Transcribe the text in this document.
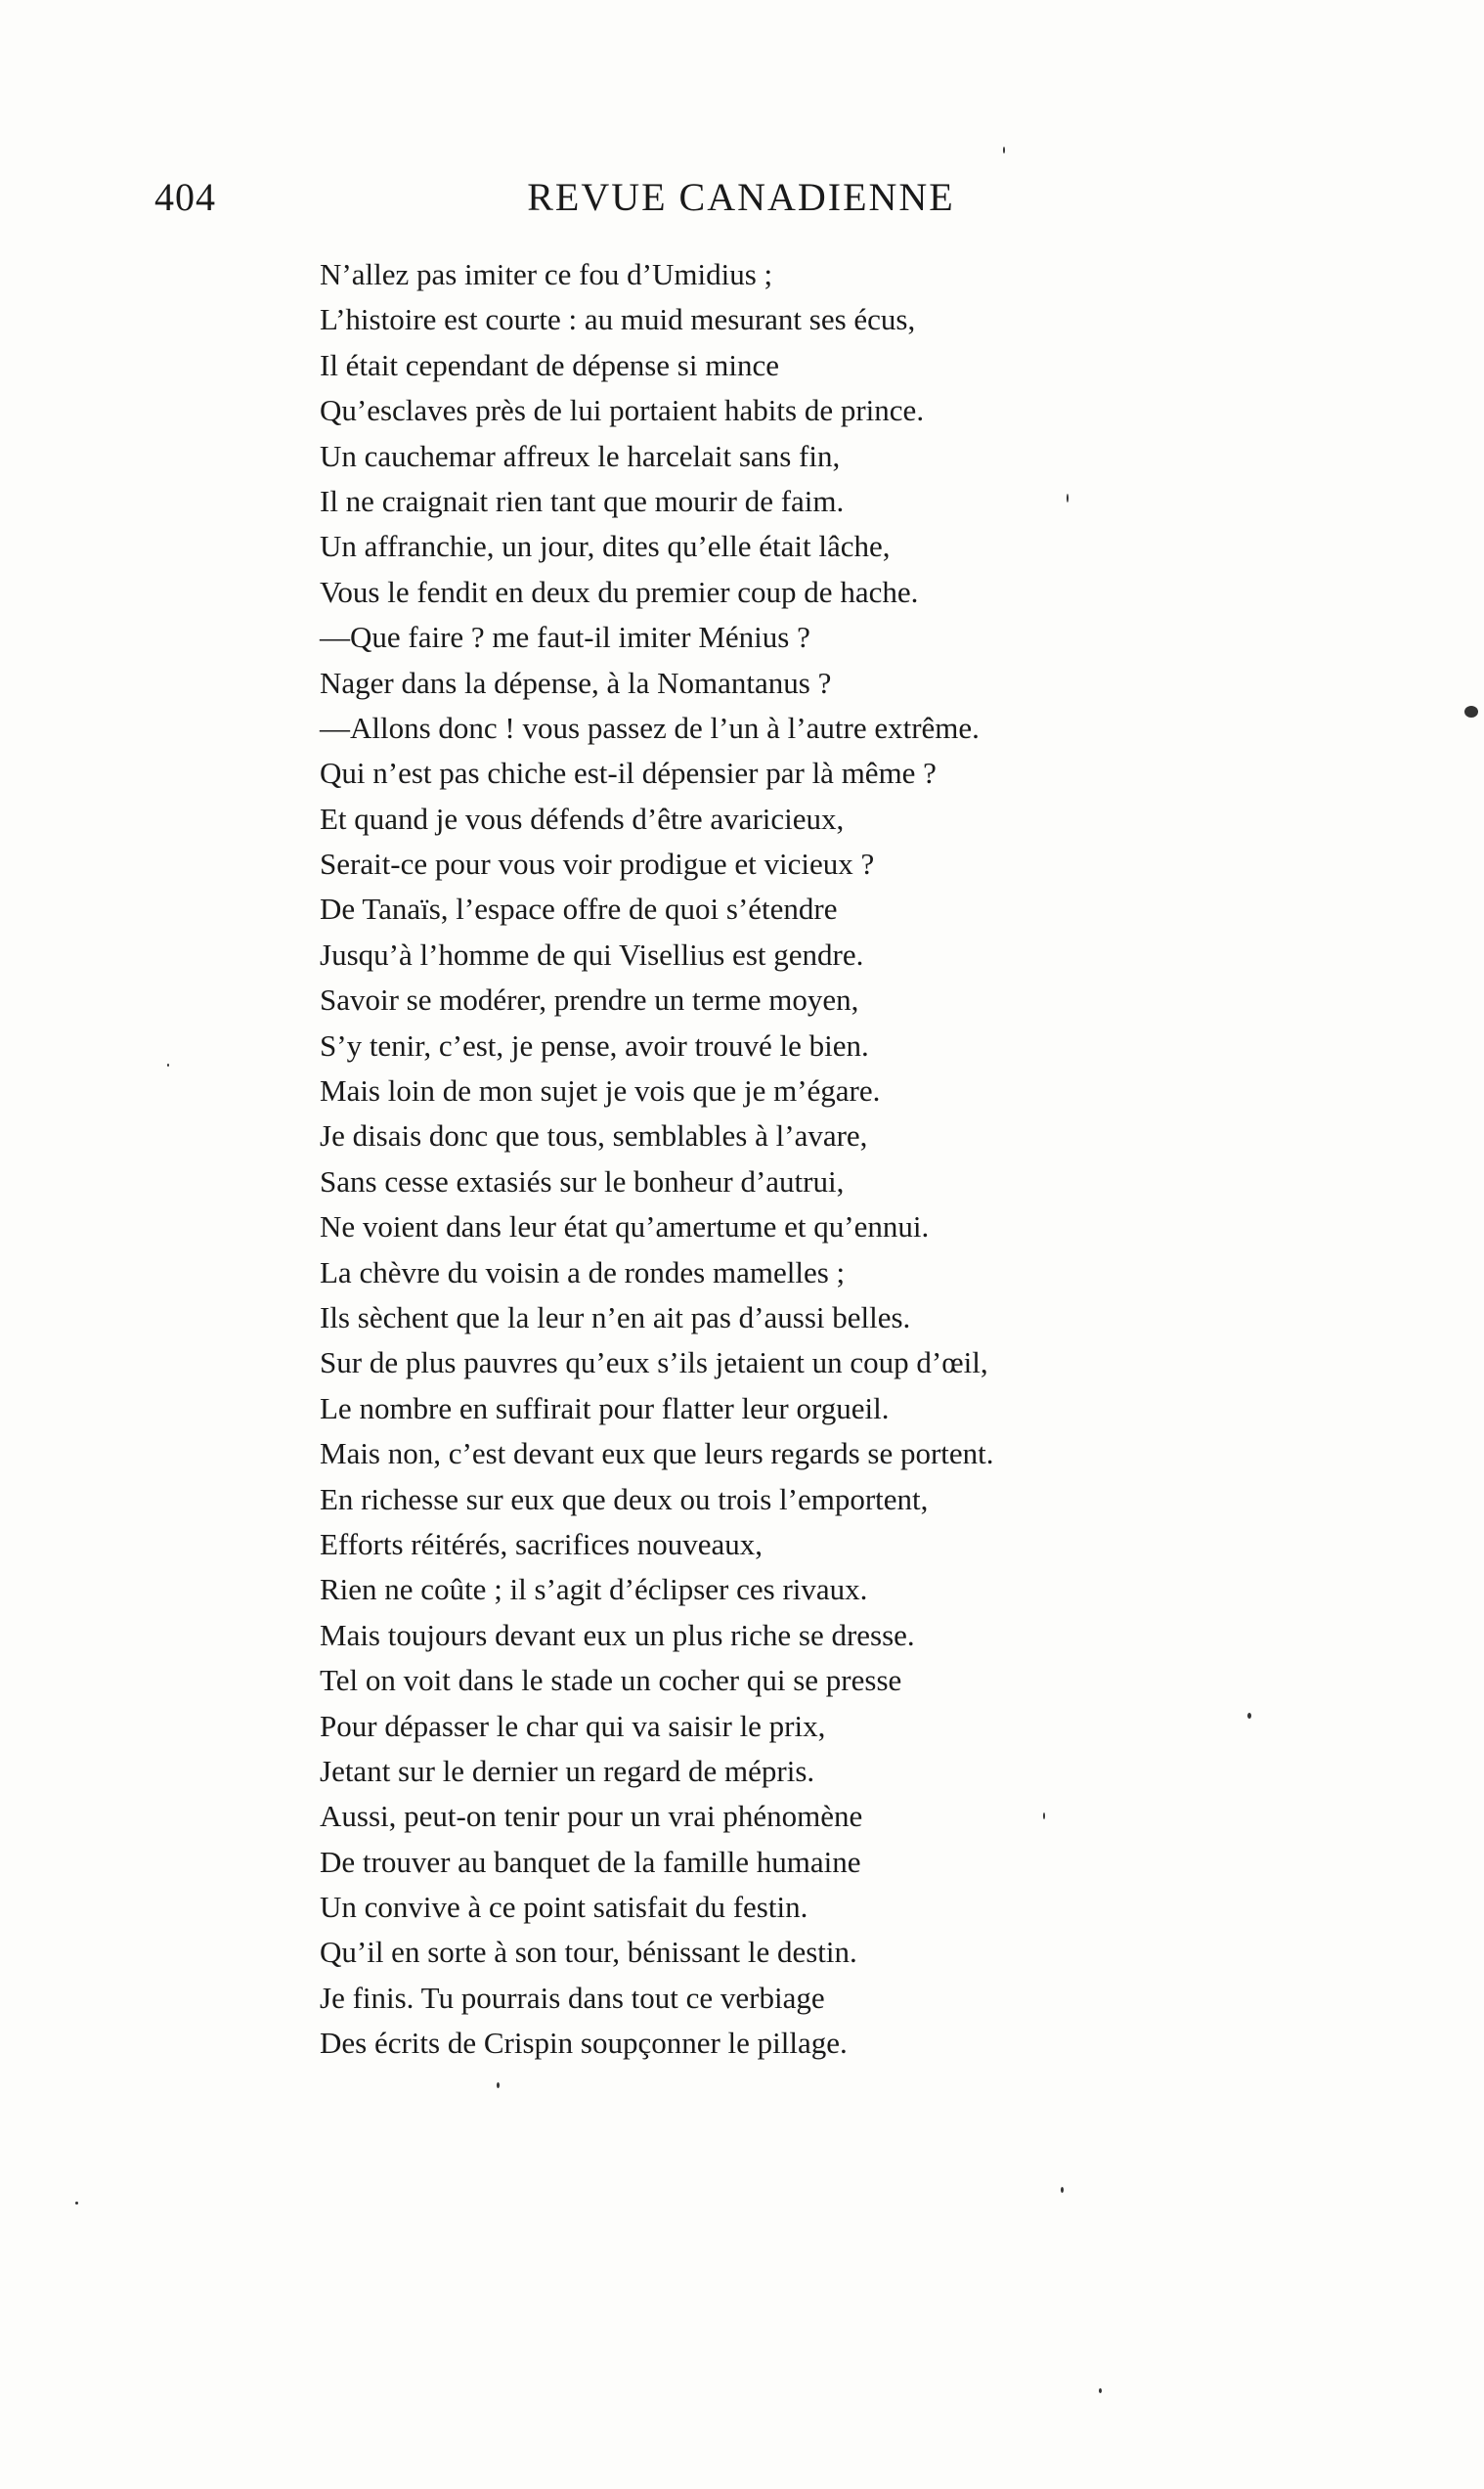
404	REVUE CANADIENNE
N’allez pas imiter ce fou d’Umidius ;
L’histoire est courte : au muid mesurant ses écus,
Il était cependant de dépense si mince
Qu’esclaves près de lui portaient habits de prince.
Un cauchemar affreux le harcelait sans fin,
Il ne craignait rien tant que mourir de faim.
Un affranchie, un jour, dites qu’elle était lâche,
Vous le fendit en deux du premier coup de hache.
—Que faire ? me faut-il imiter Ménius ?
Nager dans la dépense, à la Nomantanus ?
—Allons donc ! vous passez de l’un à l’autre extrême.
Qui n’est pas chiche est-il dépensier par là même ?
Et quand je vous défends d’être avaricieux,
Serait-ce pour vous voir prodigue et vicieux ?
De Tanaïs, l’espace offre de quoi s’étendre
Jusqu’à l’homme de qui Visellius est gendre.
Savoir se modérer, prendre un terme moyen,
S’y tenir, c’est, je pense, avoir trouvé le bien.
Mais loin de mon sujet je vois que je m’égare.
Je disais donc que tous, semblables à l’avare,
Sans cesse extasiés sur le bonheur d’autrui,
Ne voient dans leur état qu’amertume et qu’ennui.
La chèvre du voisin a de rondes mamelles ;
Ils sèchent que la leur n’en ait pas d’aussi belles.
Sur de plus pauvres qu’eux s’ils jetaient un coup d’œil,
Le nombre en suffirait pour flatter leur orgueil.
Mais non, c’est devant eux que leurs regards se portent.
En richesse sur eux que deux ou trois l’emportent,
Efforts réitérés, sacrifices nouveaux,
Rien ne coûte ; il s’agit d’éclipser ces rivaux.
Mais toujours devant eux un plus riche se dresse.
Tel on voit dans le stade un cocher qui se presse
Pour dépasser le char qui va saisir le prix,
Jetant sur le dernier un regard de mépris.
Aussi, peut-on tenir pour un vrai phénomène
De trouver au banquet de la famille humaine
Un convive à ce point satisfait du festin.
Qu’il en sorte à son tour, bénissant le destin.
Je finis. Tu pourrais dans tout ce verbiage
Des écrits de Crispin soupçonner le pillage.
